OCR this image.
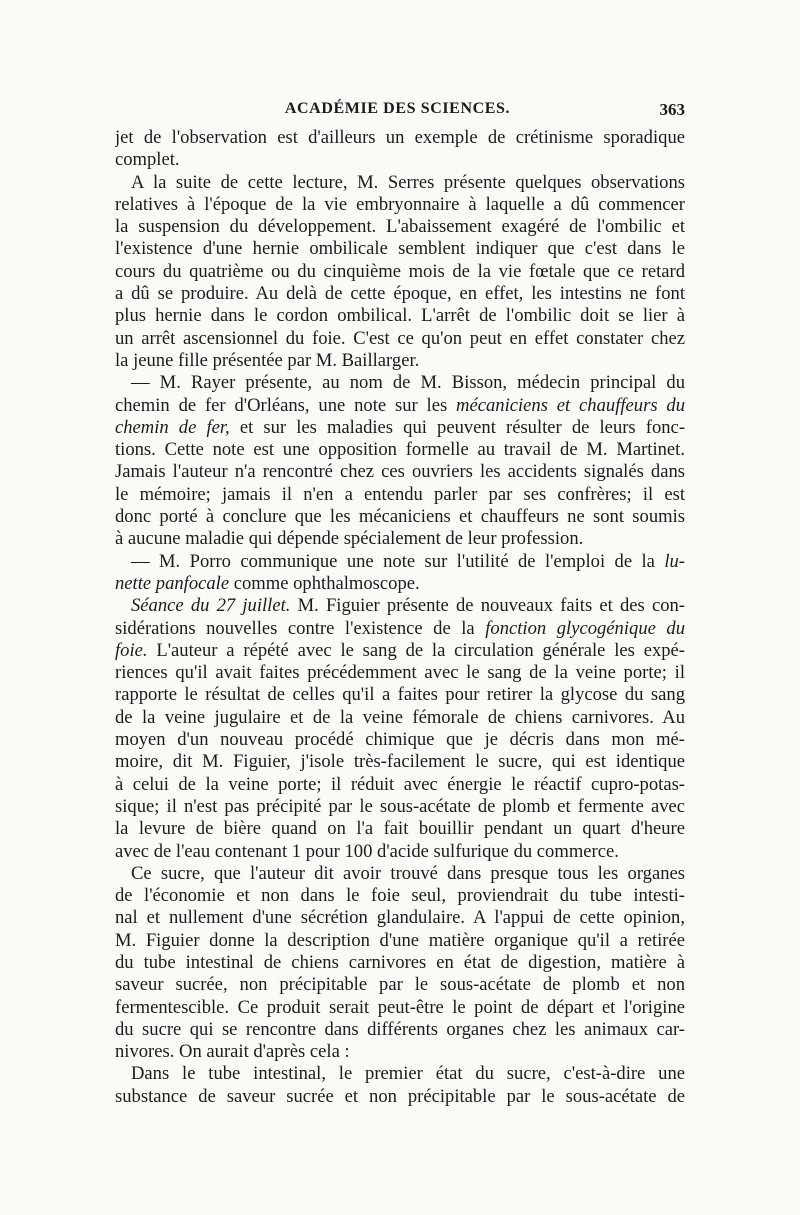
ACADÉMIE DES SCIENCES.	363
jet de l'observation est d'ailleurs un exemple de crétinisme sporadique
complet.
A la suite de cette lecture, M. Serres présente quelques observations
relatives à l'époque de la vie embryonnaire à laquelle a dû commencer
la suspension du développement. L'abaissement exagéré de l'ombilic et
l'existence d'une hernie ombilicale semblent indiquer que c'est dans le
cours du quatrième ou du cinquième mois de la vie fœtale que ce retard
a dû se produire. Au delà de cette époque, en effet, les intestins ne font
plus hernie dans le cordon ombilical. L'arrêt de l'ombilic doit se lier à
un arrêt ascensionnel du foie. C'est ce qu'on peut en effet constater chez
la jeune fille présentée par M. Baillarger.
— M. Rayer présente, au nom de M. Bisson, médecin principal du
chemin de fer d'Orléans, une note sur les mécaniciens et chauffeurs du
chemin de fer, et sur les maladies qui peuvent résulter de leurs fonc-
tions. Cette note est une opposition formelle au travail de M. Martinet.
Jamais l'auteur n'a rencontré chez ces ouvriers les accidents signalés dans
le mémoire; jamais il n'en a entendu parler par ses confrères; il est
donc porté à conclure que les mécaniciens et chauffeurs ne sont soumis
à aucune maladie qui dépende spécialement de leur profession.
— M. Porro communique une note sur l'utilité de l'emploi de la lu-
nette panfocale comme ophthalmoscope.
Séance du 27 juillet. M. Figuier présente de nouveaux faits et des con-
sidérations nouvelles contre l'existence de la fonction glycogénique du
foie. L'auteur a répété avec le sang de la circulation générale les expé-
riences qu'il avait faites précédemment avec le sang de la veine porte; il
rapporte le résultat de celles qu'il a faites pour retirer la glycose du sang
de la veine jugulaire et de la veine fémorale de chiens carnivores. Au
moyen d'un nouveau procédé chimique que je décris dans mon mé-
moire, dit M. Figuier, j'isole très-facilement le sucre, qui est identique
à celui de la veine porte; il réduit avec énergie le réactif cupro-potas-
sique; il n'est pas précipité par le sous-acétate de plomb et fermente avec
la levure de bière quand on l'a fait bouillir pendant un quart d'heure
avec de l'eau contenant 1 pour 100 d'acide sulfurique du commerce.
Ce sucre, que l'auteur dit avoir trouvé dans presque tous les organes
de l'économie et non dans le foie seul, proviendrait du tube intesti-
nal et nullement d'une sécrétion glandulaire. A l'appui de cette opinion,
M. Figuier donne la description d'une matière organique qu'il a retirée
du tube intestinal de chiens carnivores en état de digestion, matière à
saveur sucrée, non précipitable par le sous-acétate de plomb et non
fermentescible. Ce produit serait peut-être le point de départ et l'origine
du sucre qui se rencontre dans différents organes chez les animaux car-
nivores. On aurait d'après cela :
Dans le tube intestinal, le premier état du sucre, c'est-à-dire une
substance de saveur sucrée et non précipitable par le sous-acétate de
